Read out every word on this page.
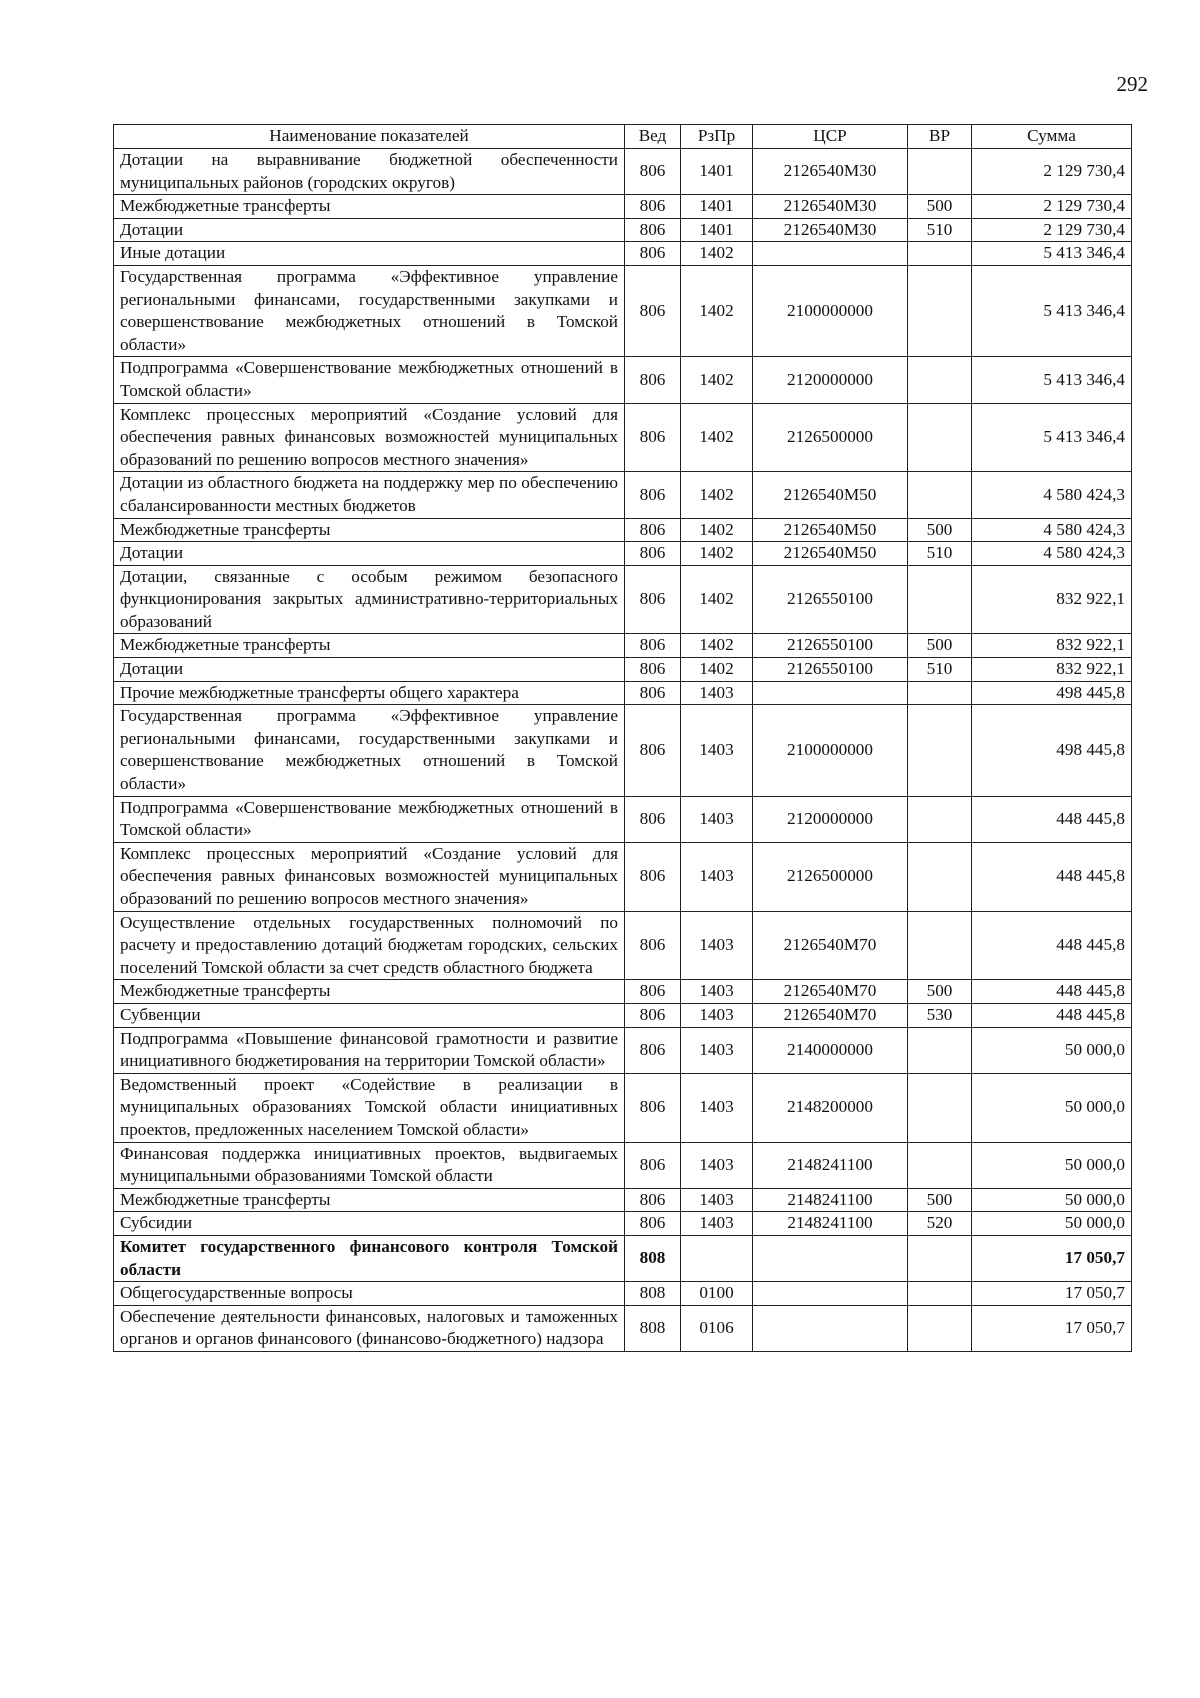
292
Наименование показателей	Вед	РзПр	ЦСР	ВР	Сумма
Дотации на выравнивание бюджетной обеспеченности муниципальных районов (городских округов)	806	1401	2126540М30		2 129 730,4
Межбюджетные трансферты	806	1401	2126540М30	500	2 129 730,4
Дотации	806	1401	2126540М30	510	2 129 730,4
Иные дотации	806	1402			5 413 346,4
Государственная программа «Эффективное управление региональными финансами, государственными закупками и совершенствование межбюджетных отношений в Томской области»	806	1402	2100000000		5 413 346,4
Подпрограмма «Совершенствование межбюджетных отношений в Томской области»	806	1402	2120000000		5 413 346,4
Комплекс процессных мероприятий «Создание условий для обеспечения равных финансовых возможностей муниципальных образований по решению вопросов местного значения»	806	1402	2126500000		5 413 346,4
Дотации из областного бюджета на поддержку мер по обеспечению сбалансированности местных бюджетов	806	1402	2126540М50		4 580 424,3
Межбюджетные трансферты	806	1402	2126540М50	500	4 580 424,3
Дотации	806	1402	2126540М50	510	4 580 424,3
Дотации, связанные с особым режимом безопасного функционирования закрытых административно-территориальных образований	806	1402	2126550100		832 922,1
Межбюджетные трансферты	806	1402	2126550100	500	832 922,1
Дотации	806	1402	2126550100	510	832 922,1
Прочие межбюджетные трансферты общего характера	806	1403			498 445,8
Государственная программа «Эффективное управление региональными финансами, государственными закупками и совершенствование межбюджетных отношений в Томской области»	806	1403	2100000000		498 445,8
Подпрограмма «Совершенствование межбюджетных отношений в Томской области»	806	1403	2120000000		448 445,8
Комплекс процессных мероприятий «Создание условий для обеспечения равных финансовых возможностей муниципальных образований по решению вопросов местного значения»	806	1403	2126500000		448 445,8
Осуществление отдельных государственных полномочий по расчету и предоставлению дотаций бюджетам городских, сельских поселений Томской области за счет средств областного бюджета	806	1403	2126540М70		448 445,8
Межбюджетные трансферты	806	1403	2126540М70	500	448 445,8
Субвенции	806	1403	2126540М70	530	448 445,8
Подпрограмма «Повышение финансовой грамотности и развитие инициативного бюджетирования на территории Томской области»	806	1403	2140000000		50 000,0
Ведомственный проект «Содействие в реализации в муниципальных образованиях Томской области инициативных проектов, предложенных населением Томской области»	806	1403	2148200000		50 000,0
Финансовая поддержка инициативных проектов, выдвигаемых муниципальными образованиями Томской области	806	1403	2148241100		50 000,0
Межбюджетные трансферты	806	1403	2148241100	500	50 000,0
Субсидии	806	1403	2148241100	520	50 000,0
Комитет государственного финансового контроля Томской области	808				17 050,7
Общегосударственные вопросы	808	0100			17 050,7
Обеспечение деятельности финансовых, налоговых и таможенных органов и органов финансового (финансово-бюджетного) надзора	808	0106			17 050,7
